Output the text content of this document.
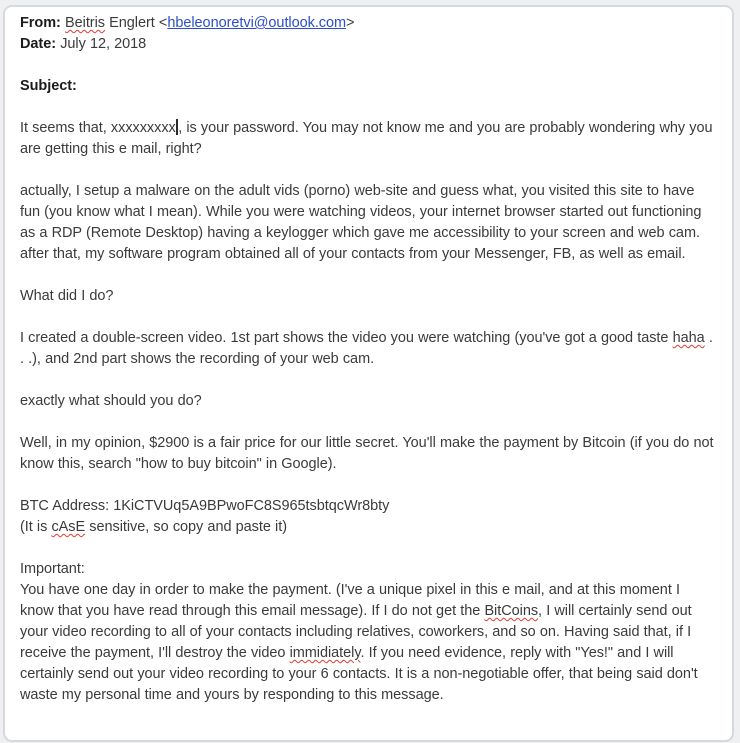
From: Beitris Englert <hbeleonoretvi@outlook.com>

Date: July 12, 2018

Subject:

It seems that, xxxxxxxxx , is your password. You may not know me and you are probably wondering why you are getting this e mail, right?

actually, I setup a malware on the adult vids (porno) web-site and guess what, you visited this site to have fun (you know what I mean). While you were watching videos, your internet browser started out functioning as a RDP (Remote Desktop) having a keylogger which gave me accessibility to your screen and web cam. after that, my software program obtained all of your contacts from your Messenger, FB, as well as email.

What did I do?

I created a double-screen video. 1st part shows the video you were watching (you've got a good taste haha . . .), and 2nd part shows the recording of your web cam.

exactly what should you do?

Well, in my opinion, $2900 is a fair price for our little secret. You'll make the payment by Bitcoin (if you do not know this, search "how to buy bitcoin" in Google).

BTC Address: 1KiCTVUq5A9BPwoFC8S965tsbtqcWr8bty

(It is cAsE sensitive, so copy and paste it)

Important:

You have one day in order to make the payment. (I've a unique pixel in this e mail, and at this moment I know that you have read through this email message). If I do not get the BitCoins, I will certainly send out your video recording to all of your contacts including relatives, coworkers, and so on. Having said that, if I receive the payment, I'll destroy the video immidiately. If you need evidence, reply with "Yes!" and I will certainly send out your video recording to your 6 contacts. It is a non-negotiable offer, that being said don't waste my personal time and yours by responding to this message.
